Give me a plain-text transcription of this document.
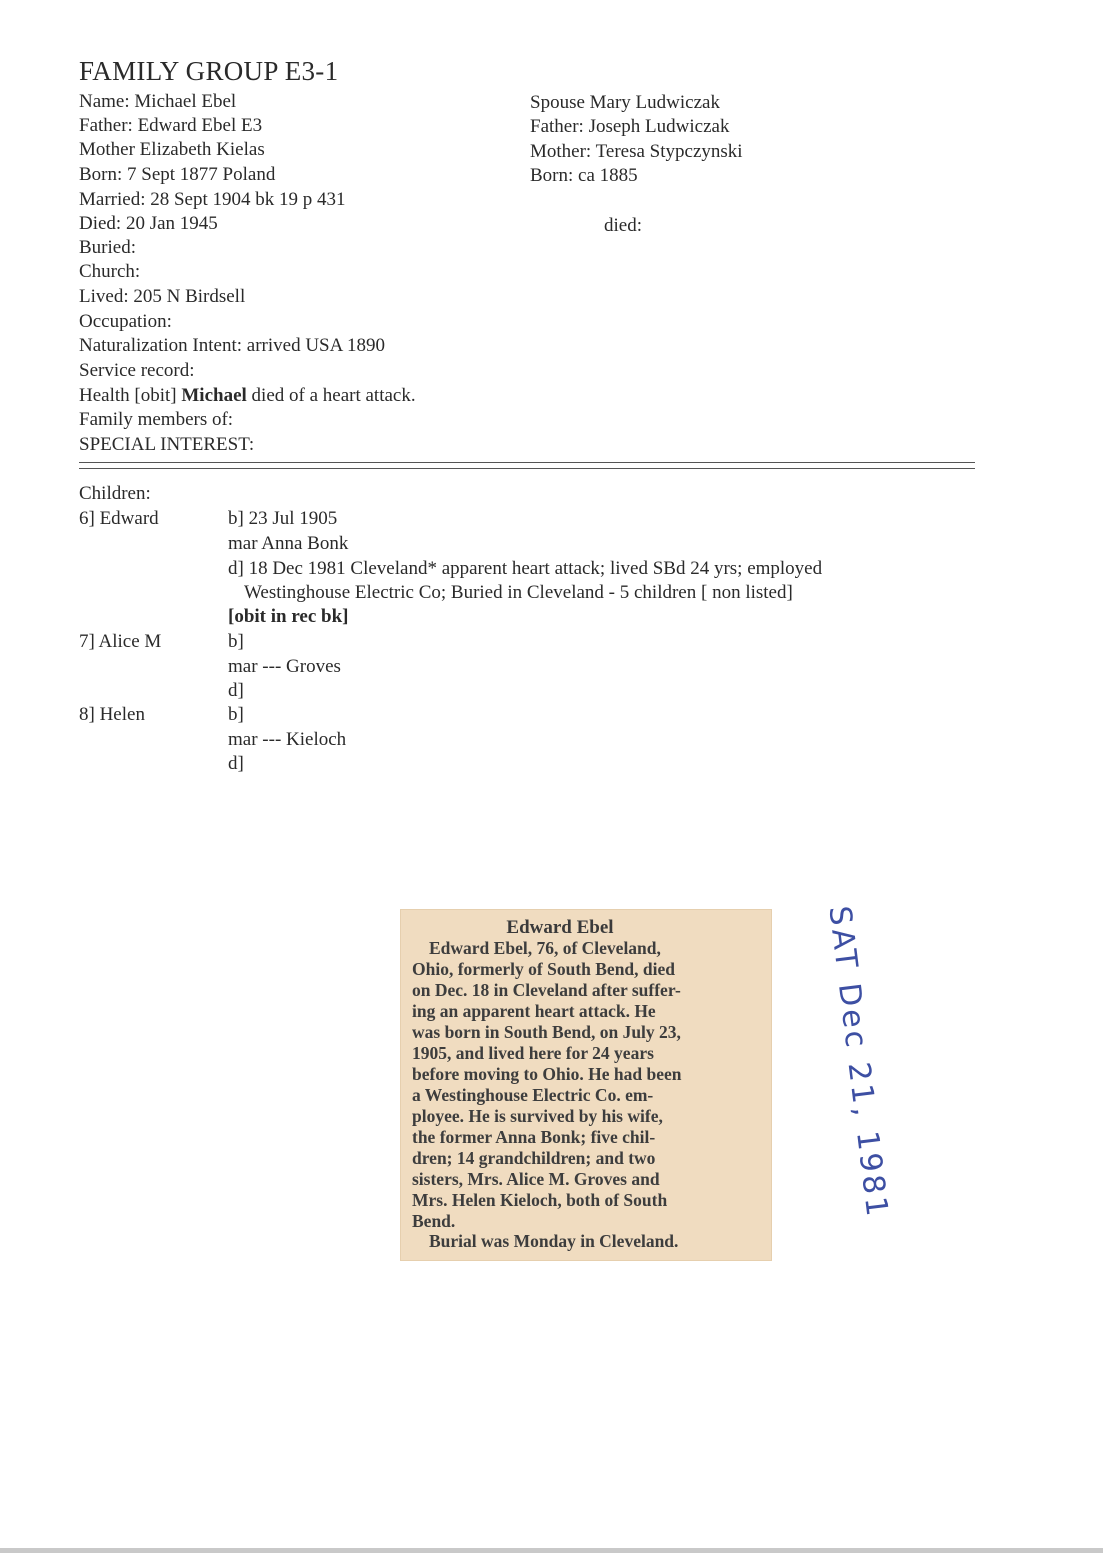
FAMILY GROUP E3-1
Name: Michael Ebel
Father: Edward Ebel E3
Mother Elizabeth Kielas
Born: 7 Sept 1877 Poland
Married: 28 Sept 1904 bk 19 p 431
Died: 20 Jan 1945
Buried:
Church:
Lived: 205 N Birdsell
Occupation:
Naturalization Intent: arrived USA 1890
Service record:
Health [obit] Michael died of a heart attack.
Family members of:
SPECIAL INTEREST:
Spouse Mary Ludwiczak
Father: Joseph Ludwiczak
Mother: Teresa Stypczynski
Born: ca 1885
died:
Children:
6] Edward	b] 23 Jul 1905
mar Anna Bonk
d] 18 Dec 1981 Cleveland* apparent heart attack; lived SBd 24 yrs; employed
Westinghouse Electric Co; Buried in Cleveland - 5 children [ non listed]
[obit in rec bk]
7] Alice M	b]
mar --- Groves
d]
8] Helen	b]
mar --- Kieloch
d]
Edward Ebel
Edward Ebel, 76, of Cleveland,
Ohio, formerly of South Bend, died
on Dec. 18 in Cleveland after suffer-
ing an apparent heart attack. He
was born in South Bend, on July 23,
1905, and lived here for 24 years
before moving to Ohio. He had been
a Westinghouse Electric Co. em-
ployee. He is survived by his wife,
the former Anna Bonk; five chil-
dren; 14 grandchildren; and two
sisters, Mrs. Alice M. Groves and
Mrs. Helen Kieloch, both of South
Bend.
Burial was Monday in Cleveland.
SAT Dec 21, 1981
